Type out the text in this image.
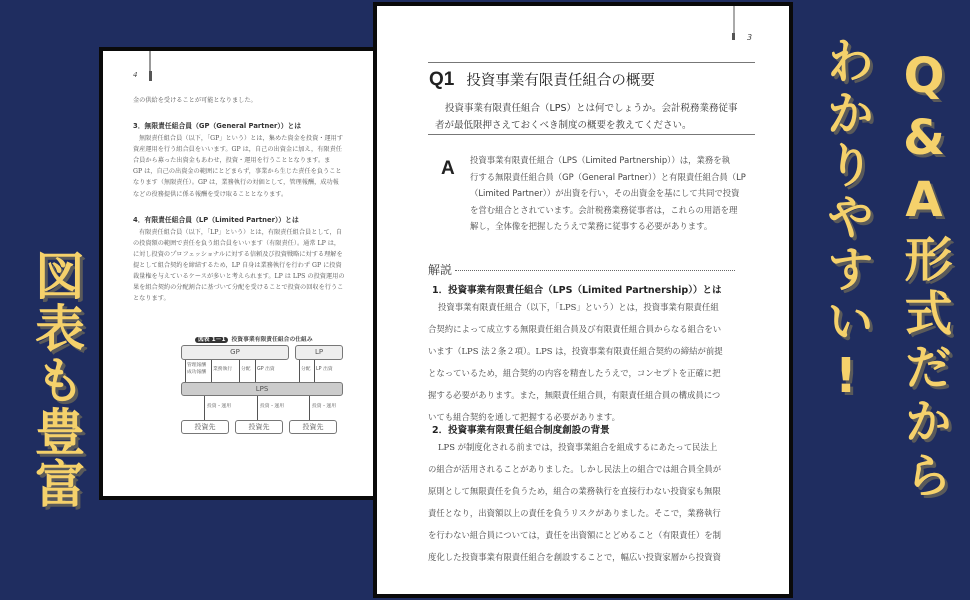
4

金の供給を受けることが可能となりました。

3．無限責任組合員（GP（General Partner））とは

無限責任組合員（以下，「GP」という）とは，集めた資金を投資・運用す

資産運用を行う組合員をいいます。GP は，自己の出資金に加え，有限責任

合員から募った出資金もあわせ，投資・運用を行うこととなります。ま

GP は，自己の出資金の範囲にとどまらず，事業から生じた責任を負うこと

なります（無限責任）。GP は，業務執行の対価として，管理報酬，成功報

などの役務提供に係る報酬を受け取ることとなります。

4．有限責任組合員（LP（Limited Partner））とは

有限責任組合員（以下，「LP」という）とは，有限責任組合員として，自

の投資額の範囲で責任を負う組合員をいいます（有限責任）。通常 LP は，

に対し投資のプロフェッショナルに対する信頼及び投資戦略に対する理解を

提として組合契約を締結するため，LP 自身は業務執行を行わず GP に投資

裁量権を与えているケースが多いと考えられます。LP は LPS の投資運用の

果を組合契約の分配割合に基づいて分配を受けることで投資の回収を行うこ

となります。

図表 1－1 投資事業有限責任組合の仕組み
GP	LP
管理報酬
成功報酬
業務執行 分配 GP 出資	分配 LP 出資
LPS
投資・運用	投資・運用	投資・運用
投資先	投資先	投資先
3
Q1 投資事業有限責任組合の概要
投資事業有限責任組合（LPS）とは何でしょうか。会計税務業務従事
者が最低限押さえておくべき制度の概要を教えてください。
A 投資事業有限責任組合（LPS（Limited Partnership））は，業務を執
行する無限責任組合員（GP（General Partner））と有限責任組合員（LP
（Limited Partner））が出資を行い，その出資金を基にして共同で投資
を営む組合とされています。会計税務業務従事者は，これらの用語を理
解し，全体像を把握したうえで業務に従事する必要があります。
解説
1．投資事業有限責任組合（LPS（Limited Partnership））とは
投資事業有限責任組合（以下，「LPS」という）とは，投資事業有限責任組
合契約によって成立する無限責任組合員及び有限責任組合員からなる組合をい
います（LPS 法２条２項）。LPS は，投資事業有限責任組合契約の締結が前提
となっているため，組合契約の内容を精査したうえで，コンセプトを正確に把
握する必要があります。また，無限責任組合員，有限責任組合員の構成員につ
いても組合契約を通して把握する必要があります。
2．投資事業有限責任組合制度創設の背景
LPS が制度化される前までは，投資事業組合を組成するにあたって民法上
の組合が活用されることがありました。しかし民法上の組合では組合員全員が
原則として無限責任を負うため，組合の業務執行を直接行わない投資家も無限
責任となり，出資額以上の責任を負うリスクがありました。そこで，業務執行
を行わない組合員については，責任を出資額にとどめること（有限責任）を制
度化した投資事業有限責任組合を創設することで，幅広い投資家層から投資資
Q&A形式だから
わかりやすい!
図表も豊富
